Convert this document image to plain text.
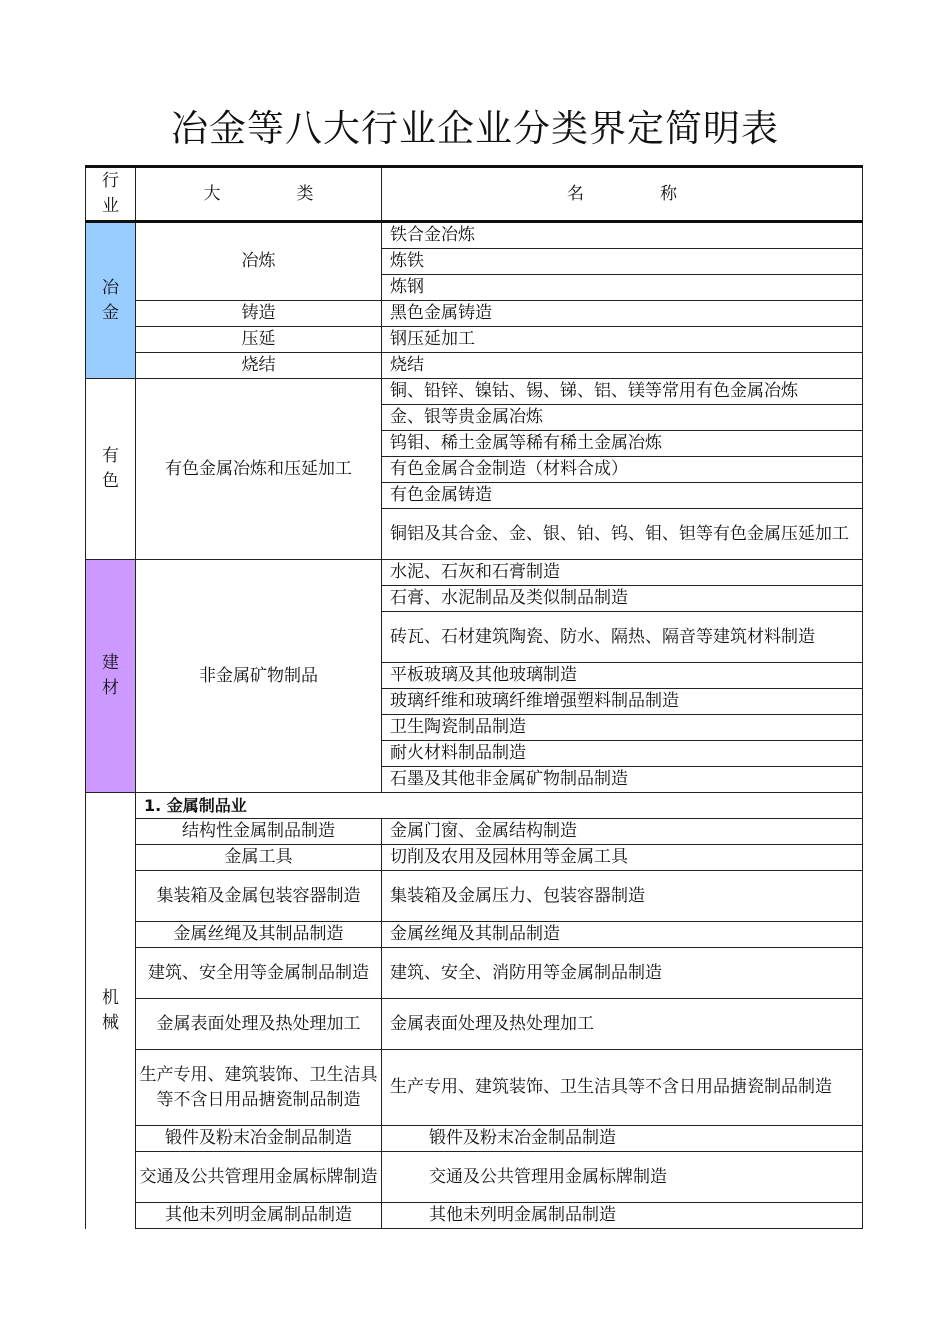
冶金等八大行业企业分类界定简明表
行
业	大 类	名 称

冶
金	冶炼	铁合金冶炼
		炼铁
		炼钢
	铸造	黑色金属铸造
	压延	钢压延加工
	烧结	烧结

有
色	有色金属冶炼和压延加工	铜、铅锌、镍钴、锡、锑、铝、镁等常用有色金属冶炼
		金、银等贵金属冶炼
		钨钼、稀土金属等稀有稀土金属冶炼
		有色金属合金制造（材料合成）
		有色金属铸造
		铜铝及其合金、金、银、铂、钨、钼、钽等有色金属压延加工

建
材	非金属矿物制品	水泥、石灰和石膏制造
		石膏、水泥制品及类似制品制造
		砖瓦、石材建筑陶瓷、防水、隔热、隔音等建筑材料制造
		平板玻璃及其他玻璃制造
		玻璃纤维和玻璃纤维增强塑料制品制造
		卫生陶瓷制品制造
		耐火材料制品制造
		石墨及其他非金属矿物制品制造

机
械	1. 金属制品业	
	结构性金属制品制造	金属门窗、金属结构制造
	金属工具	切削及农用及园林用等金属工具
	集装箱及金属包装容器制造	集装箱及金属压力、包装容器制造
	金属丝绳及其制品制造	金属丝绳及其制品制造
	建筑、安全用等金属制品制造	建筑、安全、消防用等金属制品制造
	金属表面处理及热处理加工	金属表面处理及热处理加工
	生产专用、建筑装饰、卫生洁具等不含日用品搪瓷制品制造	生产专用、建筑装饰、卫生洁具等不含日用品搪瓷制品制造
	锻件及粉末冶金制品制造	锻件及粉末冶金制品制造
	交通及公共管理用金属标牌制造	交通及公共管理用金属标牌制造
	其他未列明金属制品制造	其他未列明金属制品制造
